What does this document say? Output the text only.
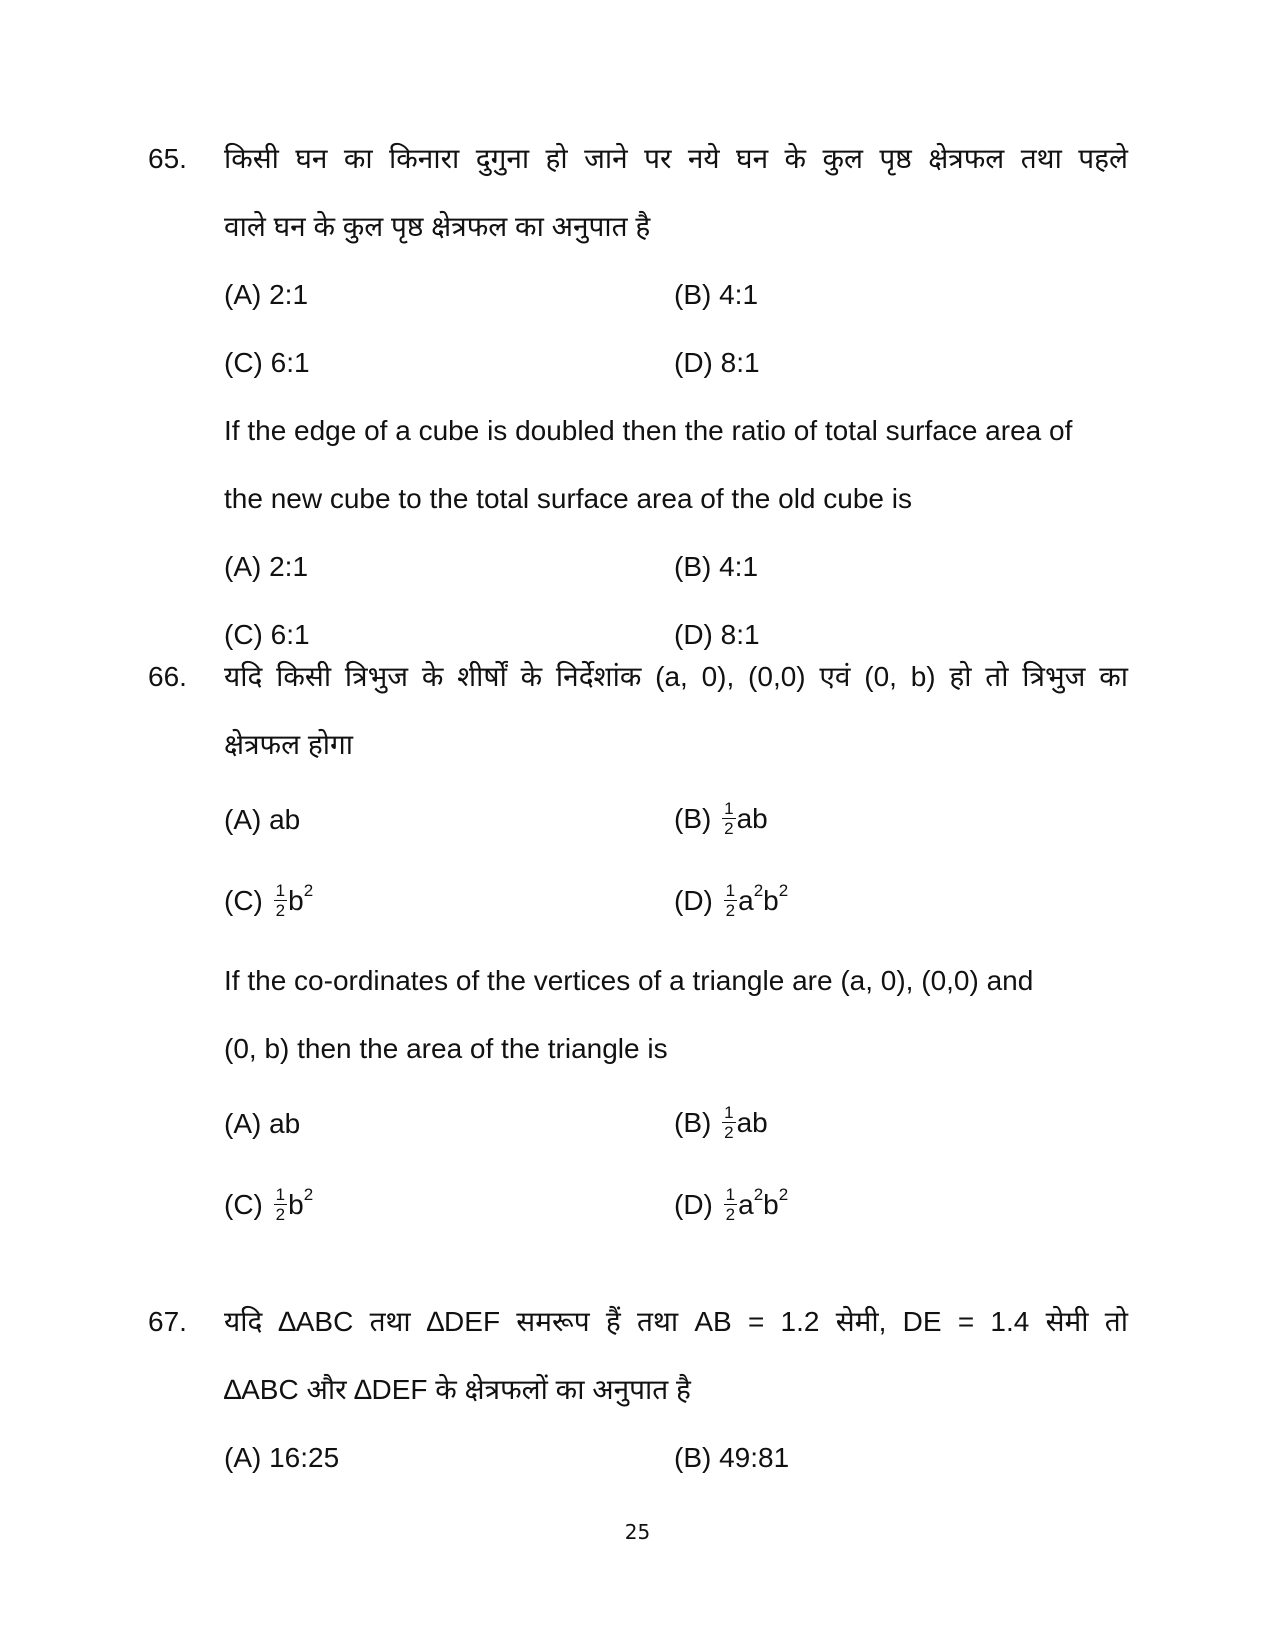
65. किसी घन का किनारा दुगुना हो जाने पर नये घन के कुल पृष्ठ क्षेत्रफल तथा पहले
वाले घन के कुल पृष्ठ क्षेत्रफल का अनुपात है
(A) 2:1	(B) 4:1
(C) 6:1	(D) 8:1
If the edge of a cube is doubled then the ratio of total surface area of
the new cube to the total surface area of the old cube is
(A) 2:1	(B) 4:1
(C) 6:1	(D) 8:1
66. यदि किसी त्रिभुज के शीर्षों के निर्देशांक (a, 0), (0,0) एवं (0, b) हो तो त्रिभुज का
क्षेत्रफल होगा
(A) ab	$(B) \frac{1}{2}$ ab
$(C) \frac{1}{2} b^2$	$(D) \frac{1}{2} a^2b^2$
If the co-ordinates of the vertices of a triangle are (a, 0), (0,0) and
(0, b) then the area of the triangle is
(A) ab	$(B) \frac{1}{2}$ ab
$(C) \frac{1}{2} b^2$	$(D) \frac{1}{2} a^2b^2$
67. यदि ∆ABC तथा ∆DEF समरूप हैं तथा AB = 1.2 सेमी, DE = 1.4 सेमी तो
∆ABC और ∆DEF के क्षेत्रफलों का अनुपात है
(A) 16:25	(B) 49:81
25
